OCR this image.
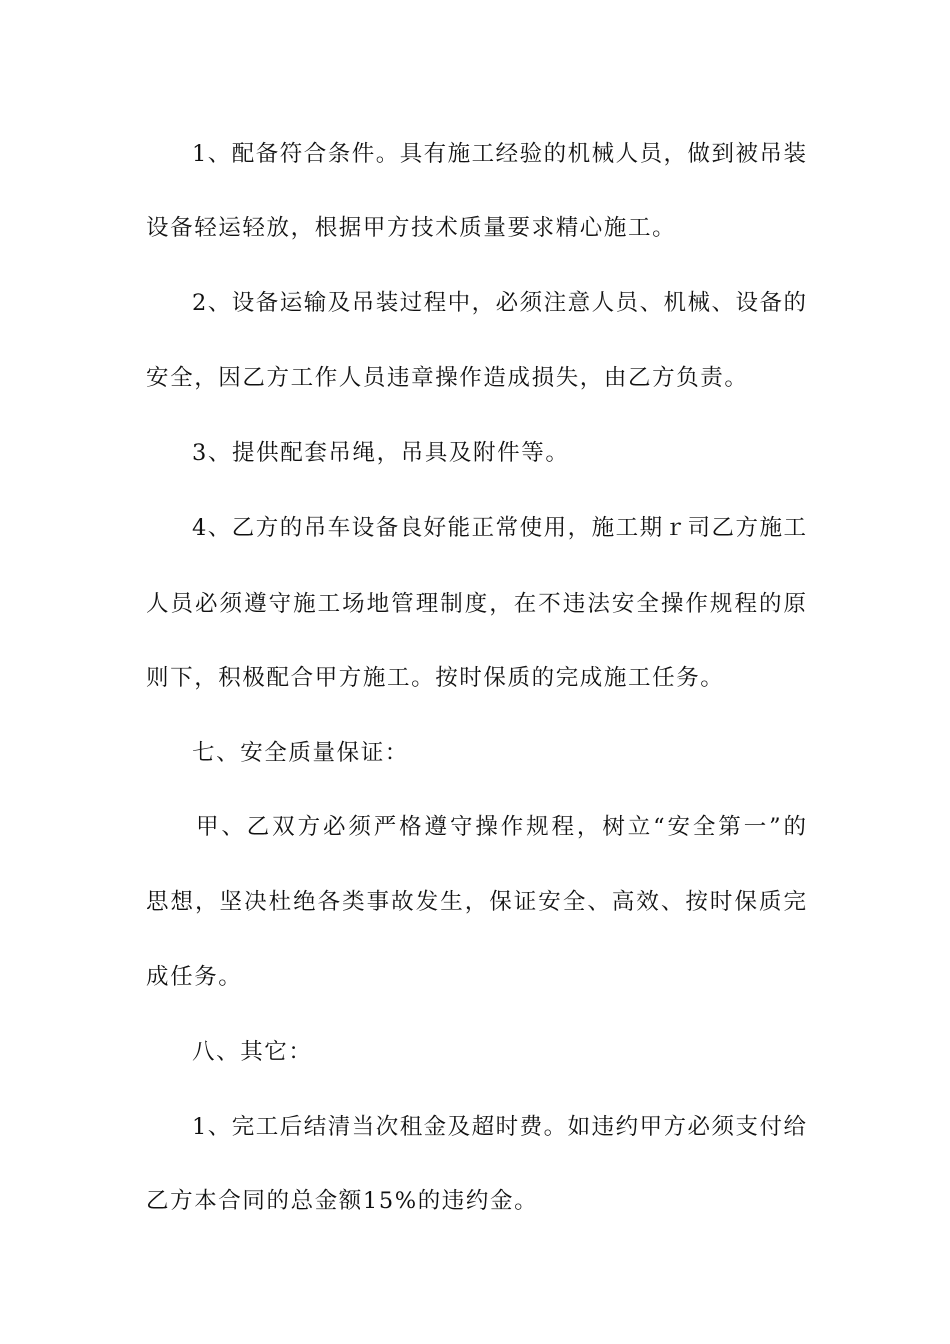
1、配备符合条件。具有施工经验的机械人员，做到被吊装
设备轻运轻放，根据甲方技术质量要求精心施工。
2、设备运输及吊装过程中，必须注意人员、机械、设备的
安全，因乙方工作人员违章操作造成损失，由乙方负责。
3、提供配套吊绳，吊具及附件等。
4、乙方的吊车设备良好能正常使用，施工期ｒ司乙方施工
人员必须遵守施工场地管理制度，在不违法安全操作规程的原
则下，积极配合甲方施工。按时保质的完成施工任务。
七、安全质量保证：
甲、乙双方必须严格遵守操作规程，树立“安全第一”的
思想，坚决杜绝各类事故发生，保证安全、高效、按时保质完
成任务。
八、其它：
1、完工后结清当次租金及超时费。如违约甲方必须支付给
乙方本合同的总金额15%的违约金。
